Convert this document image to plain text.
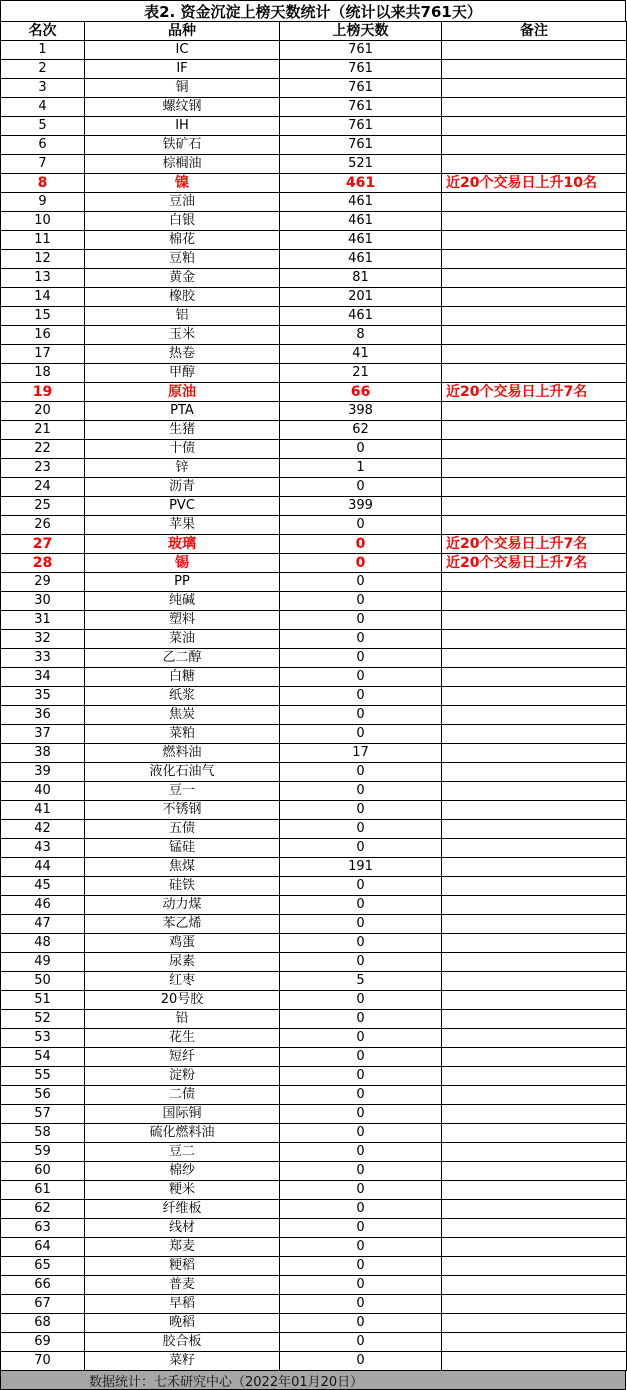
表2. 资金沉淀上榜天数统计（统计以来共761天）
名次	品种	上榜天数	备注
1	IC	761	
2	IF	761	
3	铜	761	
4	螺纹钢	761	
5	IH	761	
6	铁矿石	761	
7	棕榈油	521	
8	镍	461	近20个交易日上升10名
9	豆油	461	
10	白银	461	
11	棉花	461	
12	豆粕	461	
13	黄金	81	
14	橡胶	201	
15	铝	461	
16	玉米	8	
17	热卷	41	
18	甲醇	21	
19	原油	66	近20个交易日上升7名
20	PTA	398	
21	生猪	62	
22	十债	0	
23	锌	1	
24	沥青	0	
25	PVC	399	
26	苹果	0	
27	玻璃	0	近20个交易日上升7名
28	锡	0	近20个交易日上升7名
29	PP	0	
30	纯碱	0	
31	塑料	0	
32	菜油	0	
33	乙二醇	0	
34	白糖	0	
35	纸浆	0	
36	焦炭	0	
37	菜粕	0	
38	燃料油	17	
39	液化石油气	0	
40	豆一	0	
41	不锈钢	0	
42	五债	0	
43	锰硅	0	
44	焦煤	191	
45	硅铁	0	
46	动力煤	0	
47	苯乙烯	0	
48	鸡蛋	0	
49	尿素	0	
50	红枣	5	
51	20号胶	0	
52	铅	0	
53	花生	0	
54	短纤	0	
55	淀粉	0	
56	二债	0	
57	国际铜	0	
58	硫化燃料油	0	
59	豆二	0	
60	棉纱	0	
61	粳米	0	
62	纤维板	0	
63	线材	0	
64	郑麦	0	
65	粳稻	0	
66	普麦	0	
67	早稻	0	
68	晚稻	0	
69	胶合板	0	
70	菜籽	0	
数据统计：七禾研究中心（2022年01月20日）
